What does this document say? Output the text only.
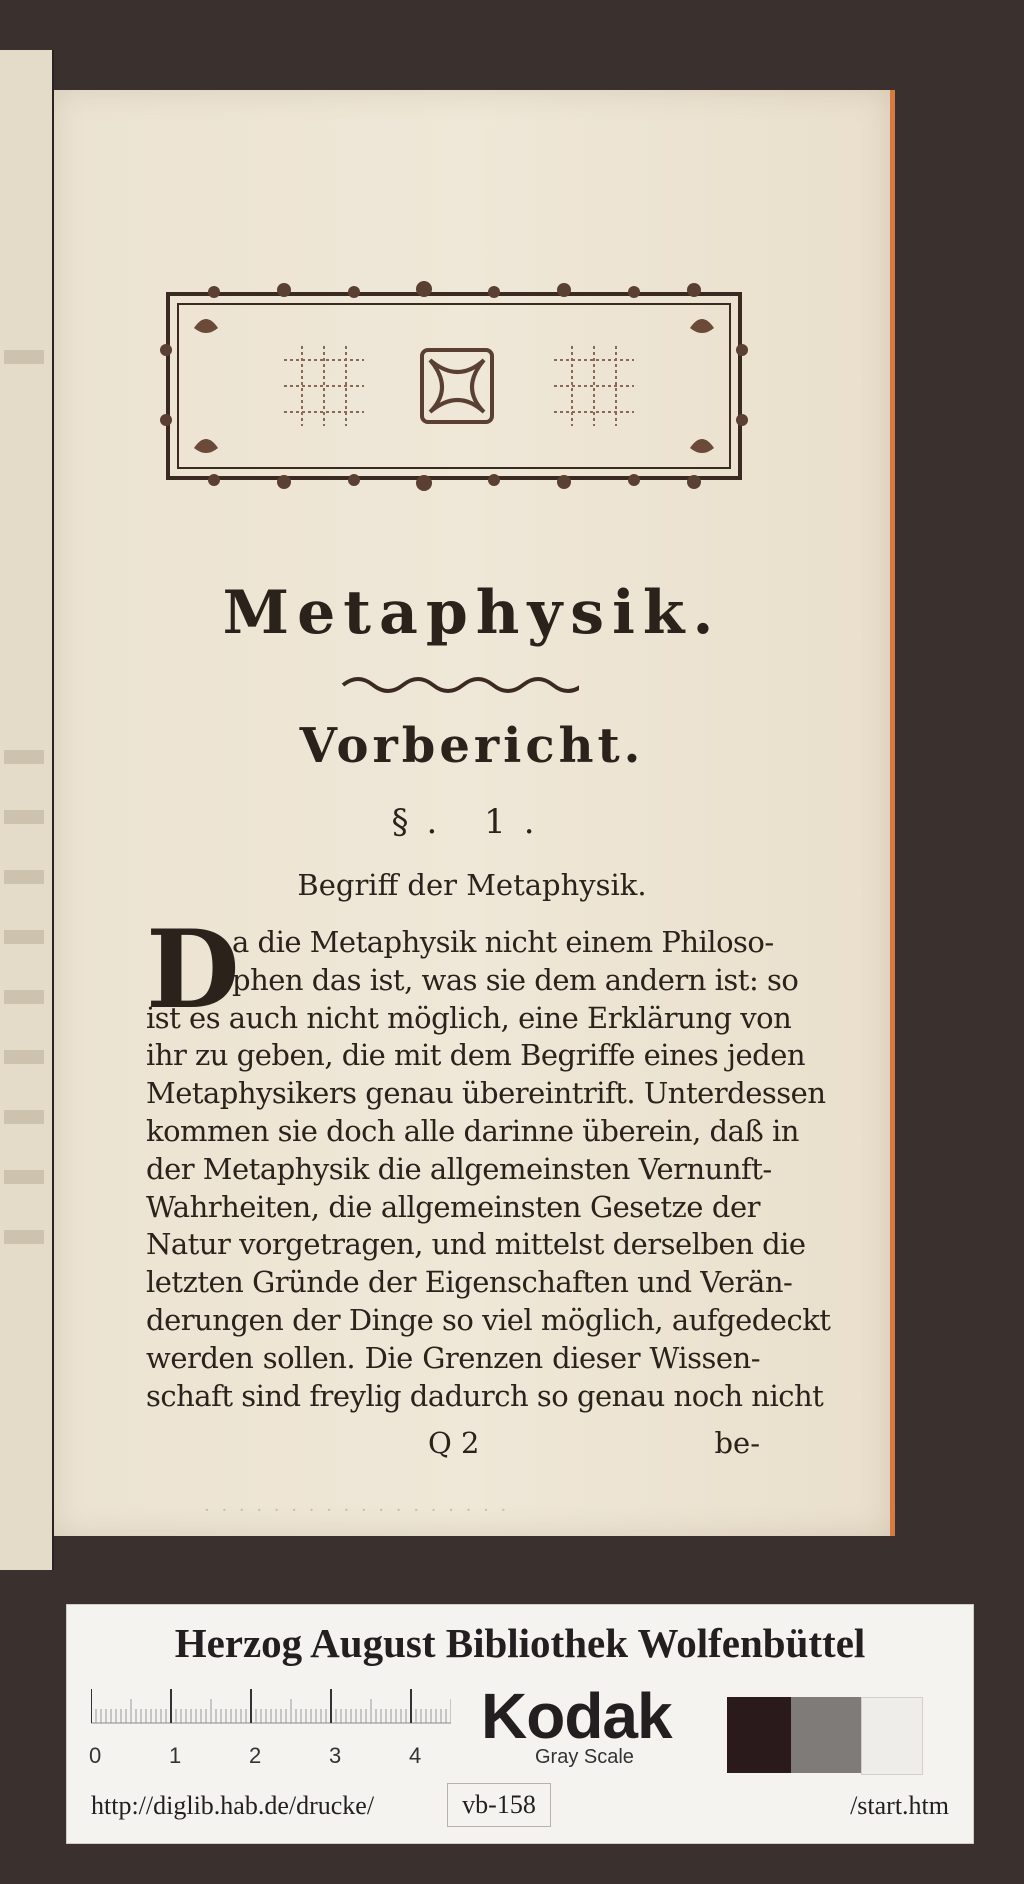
Metaphysik.
Vorbericht.
§. 1.
Begriff der Metaphysik.
D
a die Metaphysik nicht einem Philoso-
phen das ist, was sie dem andern ist: so
ist es auch nicht möglich, eine Erklärung von
ihr zu geben, die mit dem Begriffe eines jeden
Metaphysikers genau übereintrift. Unterdessen
kommen sie doch alle darinne überein, daß in
der Metaphysik die allgemeinsten Vernunft-
Wahrheiten, die allgemeinsten Gesetze der
Natur vorgetragen, und mittelst derselben die
letzten Gründe der Eigenschaften und Verän-
derungen der Dinge so viel möglich, aufgedeckt
werden sollen. Die Grenzen dieser Wissen-
schaft sind freylig dadurch so genau noch nicht
Q 2	be-
· · · · · · · · · · · · · · · · · ·
Herzog August Bibliothek Wolfenbüttel
0	1	2	3	4
Kodak
Gray Scale
http://diglib.hab.de/drucke/	vb-158	/start.htm
